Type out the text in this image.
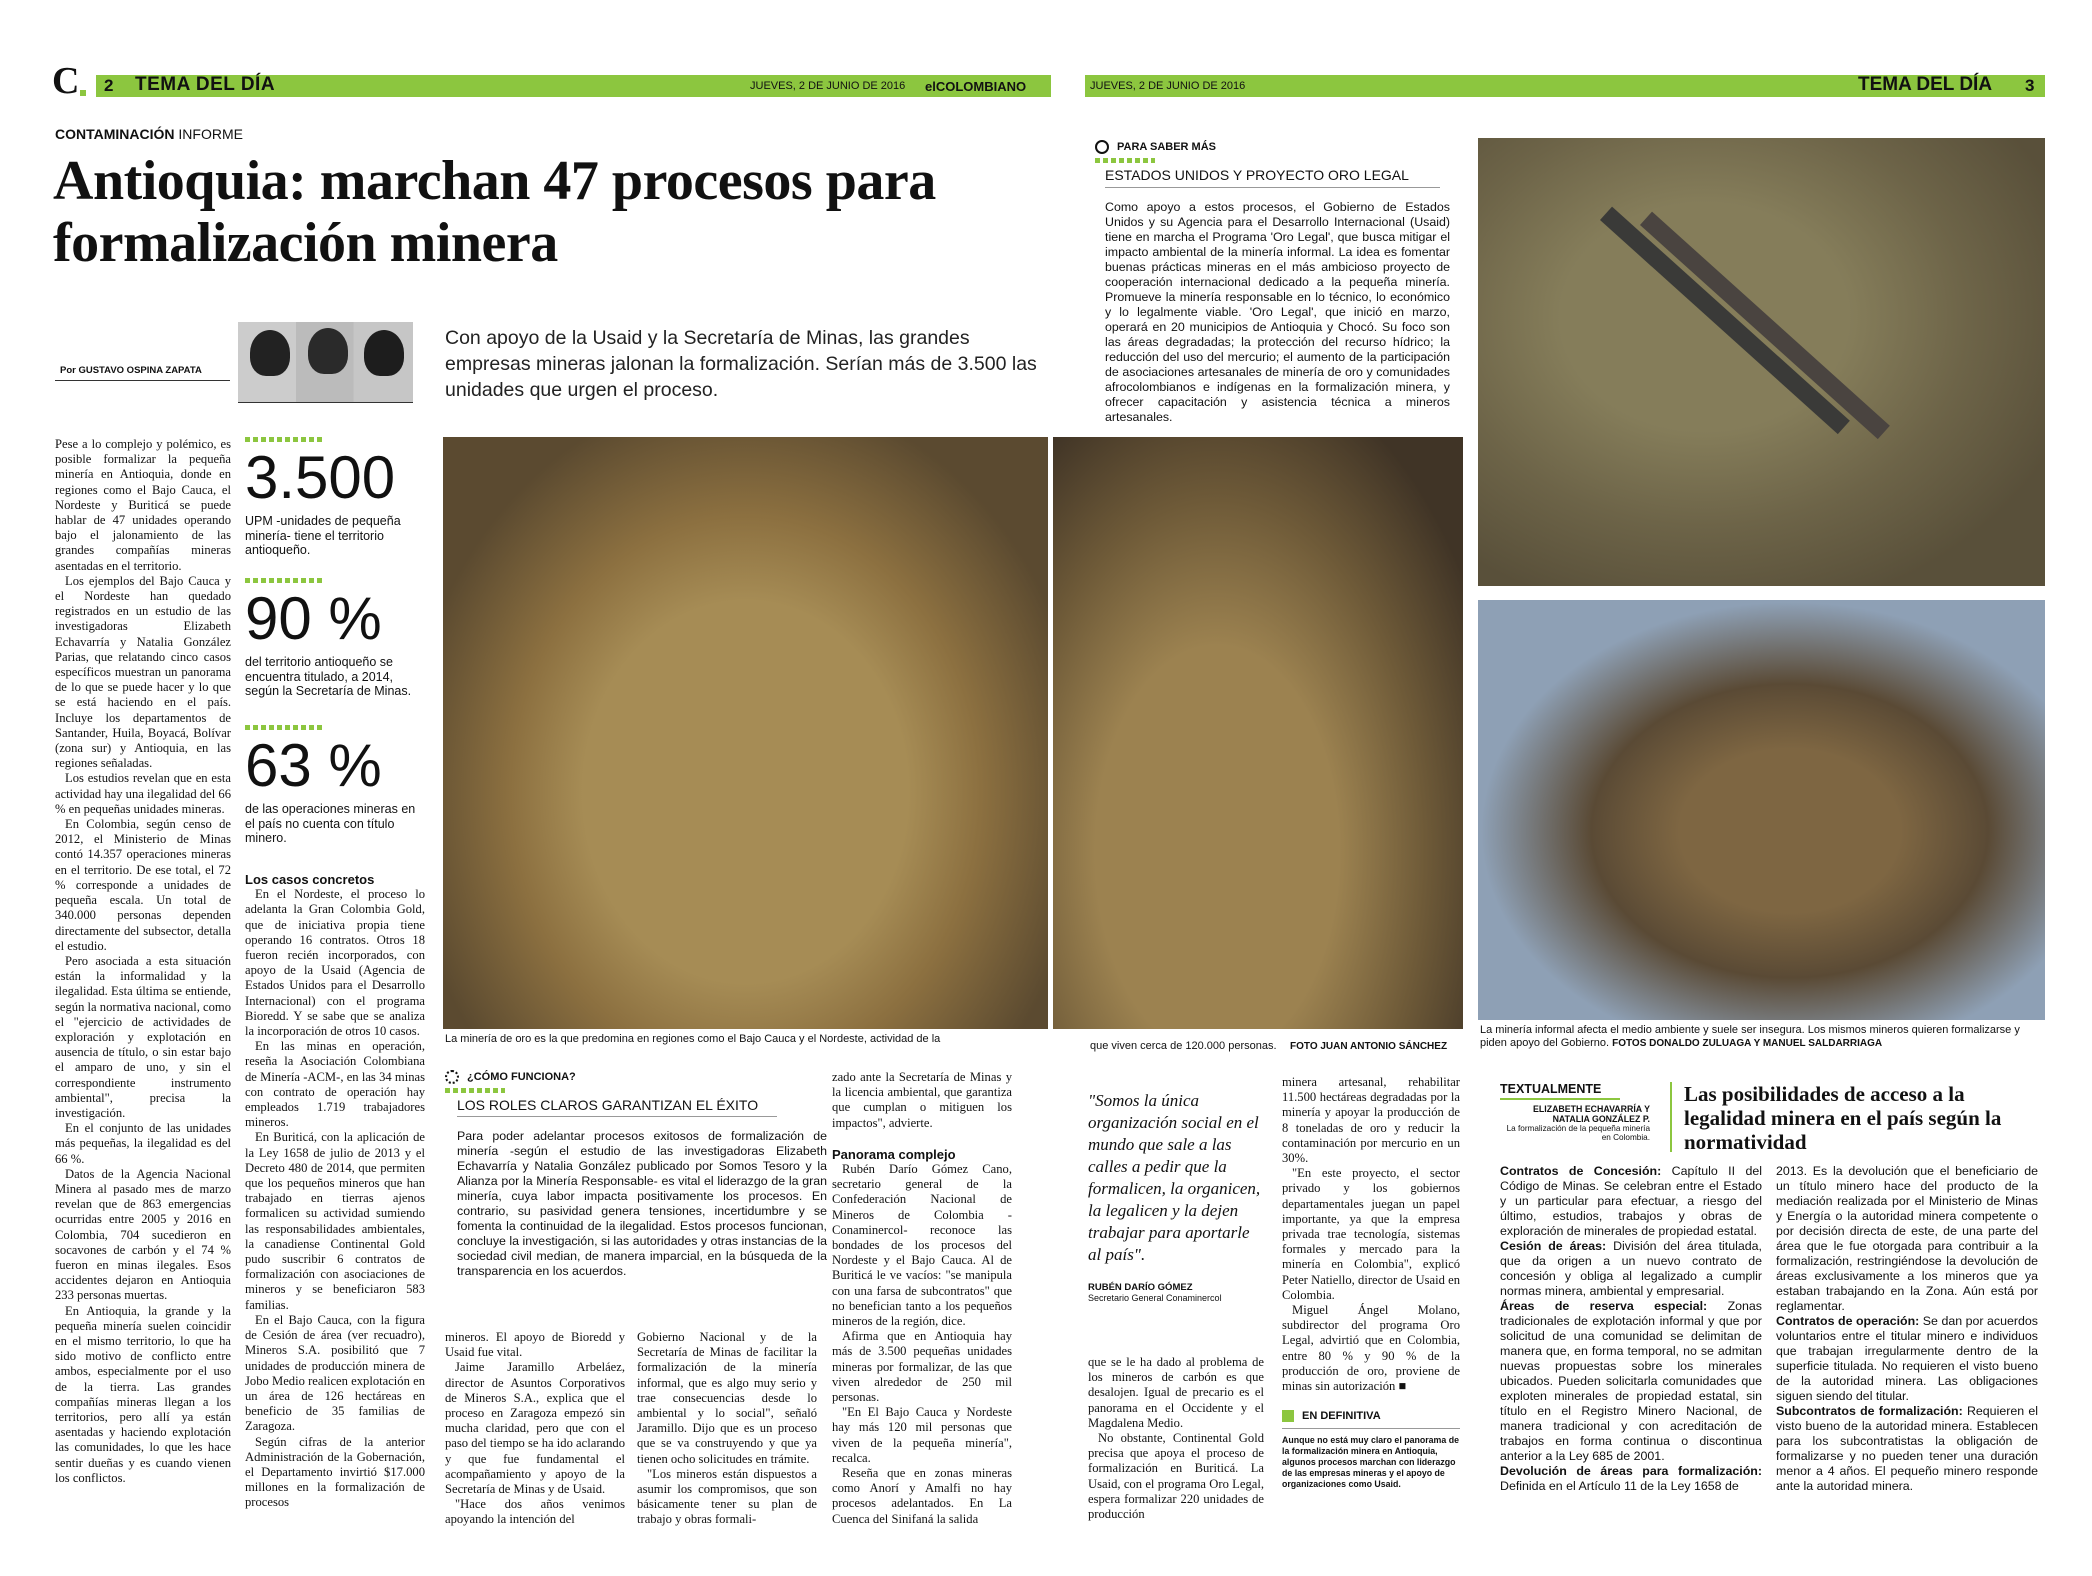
C 2 TEMA DEL DÍA	JUEVES, 2 DE JUNIO DE 2016 elCOLOMBIANO	JUEVES, 2 DE JUNIO DE 2016	TEMA DEL DÍA 3
CONTAMINACIÓN INFORME
Antioquia: marchan 47 procesos para formalización minera
Por GUSTAVO OSPINA ZAPATA
Con apoyo de la Usaid y la Secretaría de Minas, las grandes empresas mineras jalonan la formalización. Serían más de 3.500 las unidades que urgen el proceso.

Pese a lo complejo y polémico, es posible formalizar la pequeña minería en Antioquia, donde en regiones como el Bajo Cauca, el Nordeste y Buriticá se puede hablar de 47 unidades operando bajo el jalonamiento de las grandes compañías mineras asentadas en el territorio.

Los ejemplos del Bajo Cauca y el Nordeste han quedado registrados en un estudio de las investigadoras Elizabeth Echavarría y Natalia González Parias, que relatando cinco casos específicos muestran un panorama de lo que se puede hacer y lo que se está haciendo en el país. Incluye los departamentos de Santander, Huila, Boyacá, Bolívar (zona sur) y Antioquia, en las regiones señaladas.

Los estudios revelan que en esta actividad hay una ilegalidad del 66 % en pequeñas unidades mineras.

En Colombia, según censo de 2012, el Ministerio de Minas contó 14.357 operaciones mineras en el territorio. De ese total, el 72 % corresponde a unidades de pequeña escala. Un total de 340.000 personas dependen directamente del subsector, detalla el estudio.

Pero asociada a esta situación están la informalidad y la ilegalidad. Esta última se entiende, según la normativa nacional, como el "ejercicio de actividades de exploración y explotación en ausencia de título, o sin estar bajo el amparo de uno, y sin el correspondiente instrumento ambiental", precisa la investigación.

En el conjunto de las unidades más pequeñas, la ilegalidad es del 66 %.

Datos de la Agencia Nacional Minera al pasado mes de marzo revelan que de 863 emergencias ocurridas entre 2005 y 2016 en Colombia, 704 sucedieron en socavones de carbón y el 74 % fueron en minas ilegales. Esos accidentes dejaron en Antioquia 233 personas muertas.

En Antioquia, la grande y la pequeña minería suelen coincidir en el mismo territorio, lo que ha sido motivo de conflicto entre ambos, especialmente por el uso de la tierra. Las grandes compañías mineras llegan a los territorios, pero allí ya están asentadas y haciendo explotación las comunidades, lo que les hace sentir dueñas y es cuando vienen los conflictos.

3.500
UPM -unidades de pequeña minería- tiene el territorio antioqueño.
90 %
del territorio antioqueño se encuentra titulado, a 2014, según la Secretaría de Minas.
63 %
de las operaciones mineras en el país no cuenta con título minero.
Los casos concretos

En el Nordeste, el proceso lo adelanta la Gran Colombia Gold, que de iniciativa propia tiene operando 16 contratos. Otros 18 fueron recién incorporados, con apoyo de la Usaid (Agencia de Estados Unidos para el Desarrollo Internacional) con el programa Bioredd. Y se sabe que se analiza la incorporación de otros 10 casos.

En las minas en operación, reseña la Asociación Colombiana de Minería -ACM-, en las 34 minas con contrato de operación hay empleados 1.719 trabajadores mineros.

En Buriticá, con la aplicación de la Ley 1658 de julio de 2013 y el Decreto 480 de 2014, que permiten que los pequeños mineros que han trabajado en tierras ajenos formalicen su actividad sumiendo las responsabilidades ambientales, la canadiense Continental Gold pudo suscribir 6 contratos de formalización con asociaciones de mineros y se beneficiaron 583 familias.

En el Bajo Cauca, con la figura de Cesión de área (ver recuadro), Mineros S.A. posibilitó que 7 unidades de producción minera de Jobo Medio realicen explotación en un área de 126 hectáreas en beneficio de 35 familias de Zaragoza.

Según cifras de la anterior Administración de la Gobernación, el Departamento invirtió $17.000 millones en la formalización de procesos

La minería de oro es la que predomina en regiones como el Bajo Cauca y el Nordeste, actividad de la
que viven cerca de 120.000 personas. FOTO JUAN ANTONIO SÁNCHEZ
PARA SABER MÁS
ESTADOS UNIDOS Y PROYECTO ORO LEGAL
Como apoyo a estos procesos, el Gobierno de Estados Unidos y su Agencia para el Desarrollo Internacional (Usaid) tiene en marcha el Programa 'Oro Legal', que busca mitigar el impacto ambiental de la minería informal. La idea es fomentar buenas prácticas mineras en el más ambicioso proyecto de cooperación internacional dedicado a la pequeña minería. Promueve la minería responsable en lo técnico, lo económico y lo legalmente viable. 'Oro Legal', que inició en marzo, operará en 20 municipios de Antioquia y Chocó. Su foco son las áreas degradadas; la protección del recurso hídrico; la reducción del uso del mercurio; el aumento de la participación de asociaciones artesanales de minería de oro y comunidades afrocolombianos e indígenas en la formalización minera, y ofrecer capacitación y asistencia técnica a mineros artesanales.
La minería informal afecta el medio ambiente y suele ser insegura. Los mismos mineros quieren formalizarse y piden apoyo del Gobierno. FOTOS DONALDO ZULUAGA Y MANUEL SALDARRIAGA
¿CÓMO FUNCIONA?
LOS ROLES CLAROS GARANTIZAN EL ÉXITO
Para poder adelantar procesos exitosos de formalización de minería -según el estudio de las investigadoras Elizabeth Echavarría y Natalia González publicado por Somos Tesoro y la Alianza por la Minería Responsable- es vital el liderazgo de la gran minería, cuya labor impacta positivamente los procesos. En contrario, su pasividad genera tensiones, incertidumbre y se fomenta la continuidad de la ilegalidad. Estos procesos funcionan, concluye la investigación, si las autoridades y otras instancias de la sociedad civil median, de manera imparcial, en la búsqueda de la transparencia en los acuerdos.

zado ante la Secretaría de Minas y la licencia ambiental, que garantiza que cumplan o mitiguen los impactos", advierte.

Panorama complejo

Rubén Darío Gómez Cano, secretario general de la Confederación Nacional de Mineros de Colombia -Conaminercol- reconoce las bondades de los procesos del Nordeste y el Bajo Cauca. Al de Buriticá le ve vacíos: "se manipula con una farsa de subcontratos" que no benefician tanto a los pequeños mineros de la región, dice.

Afirma que en Antioquia hay más de 3.500 pequeñas unidades mineras por formalizar, de las que viven alrededor de 250 mil personas.

"En El Bajo Cauca y Nordeste hay más 120 mil personas que viven de la pequeña minería", recalca.

Reseña que en zonas mineras como Anorí y Amalfi no hay procesos adelantados. En La Cuenca del Sinifaná la salida

mineros. El apoyo de Bioredd y Usaid fue vital.

Jaime Jaramillo Arbeláez, director de Asuntos Corporativos de Mineros S.A., explica que el proceso en Zaragoza empezó sin mucha claridad, pero que con el paso del tiempo se ha ido aclarando y que fue fundamental el acompañamiento y apoyo de la Secretaría de Minas y de Usaid.

"Hace dos años venimos apoyando la intención del

Gobierno Nacional y de la Secretaría de Minas de facilitar la formalización de la minería informal, que es algo muy serio y trae consecuencias desde lo ambiental y lo social", señaló Jaramillo. Dijo que es un proceso que se va construyendo y que ya tienen ocho solicitudes en trámite.

"Los mineros están dispuestos a asumir los compromisos, que son básicamente tener su plan de trabajo y obras formali-

"Somos la única organización social en el mundo que sale a las calles a pedir que la formalicen, la organicen, la legalicen y la dejen trabajar para aportarle al país".
RUBÉN DARÍO GÓMEZ
Secretario General Conaminercol

que se le ha dado al problema de los mineros de carbón es que desalojen. Igual de precario es el panorama en el Occidente y el Magdalena Medio.

No obstante, Continental Gold precisa que apoya el proceso de formalización en Buriticá. La Usaid, con el programa Oro Legal, espera formalizar 220 unidades de producción

minera artesanal, rehabilitar 11.500 hectáreas degradadas por la minería y apoyar la producción de 8 toneladas de oro y reducir la contaminación por mercurio en un 30%.

"En este proyecto, el sector privado y los gobiernos departamentales juegan un papel importante, ya que la empresa privada trae tecnología, sistemas formales y mercado para la minería en Colombia", explicó Peter Natiello, director de Usaid en Colombia.

Miguel Ángel Molano, subdirector del programa Oro Legal, advirtió que en Colombia, entre 80 % y 90 % de la producción de oro, proviene de minas sin autorización ■

EN DEFINITIVA
Aunque no está muy claro el panorama de la formalización minera en Antioquia, algunos procesos marchan con liderazgo de las empresas mineras y el apoyo de organizaciones como Usaid.
TEXTUALMENTE
ELIZABETH ECHAVARRÍA Y NATALIA GONZÁLEZ P.
La formalización de la pequeña minería en Colombia.
Las posibilidades de acceso a la legalidad minera en el país según la normatividad

Contratos de Concesión: Capítulo II del Código de Minas. Se celebran entre el Estado y un particular para efectuar, a riesgo del último, estudios, trabajos y obras de exploración de minerales de propiedad estatal.

Cesión de áreas: División del área titulada, que da origen a un nuevo contrato de concesión y obliga al legalizado a cumplir normas minera, ambiental y empresarial.

Áreas de reserva especial: Zonas tradicionales de explotación informal y que por solicitud de una comunidad se delimitan de manera que, en forma temporal, no se admitan nuevas propuestas sobre los minerales ubicados. Pueden solicitarla comunidades que exploten minerales de propiedad estatal, sin título en el Registro Minero Nacional, de manera tradicional y con acreditación de trabajos en forma continua o discontinua anterior a la Ley 685 de 2001.

Devolución de áreas para formalización: Definida en el Artículo 11 de la Ley 1658 de

2013. Es la devolución que el beneficiario de un título minero hace del producto de la mediación realizada por el Ministerio de Minas y Energía o la autoridad minera competente o por decisión directa de este, de una parte del área que le fue otorgada para contribuir a la formalización, restringiéndose la devolución de áreas exclusivamente a los mineros que ya estaban trabajando en la Zona. Aún está por reglamentar.

Contratos de operación: Se dan por acuerdos voluntarios entre el titular minero e individuos que trabajan irregularmente dentro de la superficie titulada. No requieren el visto bueno de la autoridad minera. Las obligaciones siguen siendo del titular.

Subcontratos de formalización: Requieren el visto bueno de la autoridad minera. Establecen para los subcontratistas la obligación de formalizarse y no pueden tener una duración menor a 4 años. El pequeño minero responde ante la autoridad minera.
